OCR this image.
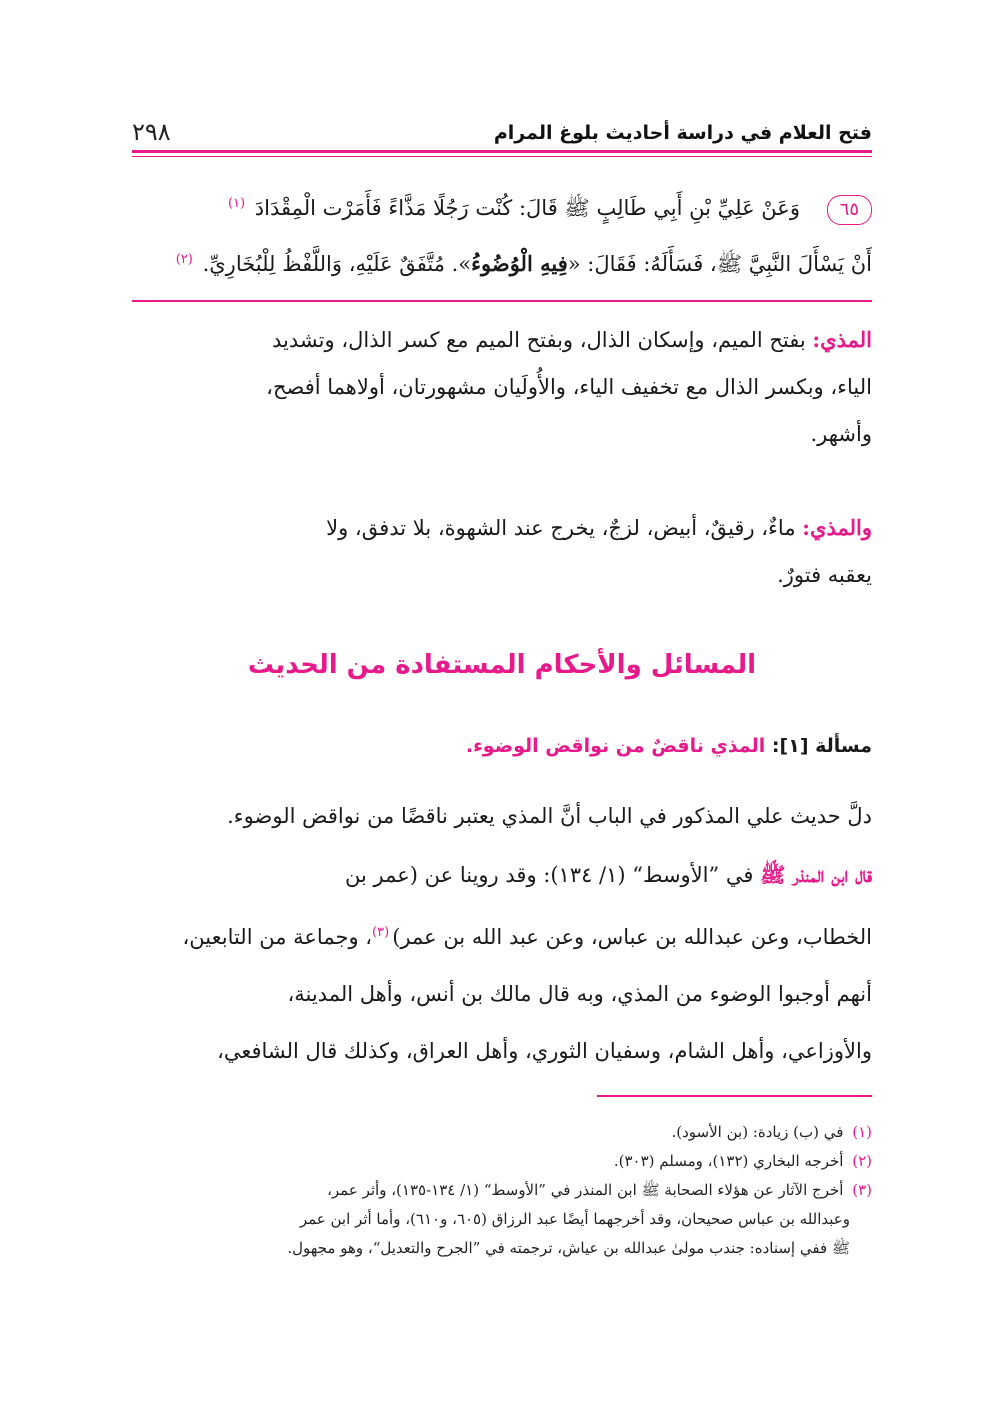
٢٩٨	فتح العلام في دراسة أحاديث بلوغ المرام
٦٥ وَعَنْ عَلِيِّ بْنِ أَبِي طَالِبٍ ﷺ قَالَ: كُنْت رَجُلًا مَذَّاءً فَأَمَرْت الْمِقْدَادَ $^{(١)}$
أَنْ يَسْأَلَ النَّبِيَّ ﷺ، فَسَأَلَهُ: فَقَالَ: «فِيهِ الْوُضُوءُ». مُتَّفَقٌ عَلَيْهِ، وَاللَّفْظُ لِلْبُخَارِيِّ. $^{(٢)}$
المذي: بفتح الميم، وإسكان الذال، وبفتح الميم مع كسر الذال، وتشديد
الياء، وبكسر الذال مع تخفيف الياء، والأُولَيان مشهورتان، أولاهما أفصح،
وأشهر.
والمذي: ماءٌ، رقيقٌ، أبيض، لزجٌ، يخرج عند الشهوة، بلا تدفق، ولا
يعقبه فتورٌ.
المسائل والأحكام المستفادة من الحديث
مسألة [١]: المذي ناقضٌ من نواقض الوضوء.
دلَّ حديث علي المذكور في الباب أنَّ المذي يعتبر ناقضًا من نواقض الوضوء.
قال ابن المنذر ﷺ في ”الأوسط“ (١/ ١٣٤): وقد روينا عن (عمر بن
الخطاب، وعن عبدالله بن عباس، وعن عبد الله بن عمر)$^{(٣)}$، وجماعة من التابعين،
أنهم أوجبوا الوضوء من المذي، وبه قال مالك بن أنس، وأهل المدينة،
والأوزاعي، وأهل الشام، وسفيان الثوري، وأهل العراق، وكذلك قال الشافعي،
(١) في (ب) زيادة: (بن الأسود).
(٢) أخرجه البخاري (١٣٢)، ومسلم (٣٠٣).
(٣) أخرج الآثار عن هؤلاء الصحابة ﷺ ابن المنذر في ”الأوسط“ (١/ ١٣٤-١٣٥)، وأثر عمر،
وعبدالله بن عباس صحيحان، وقد أخرجهما أيضًا عبد الرزاق (٦٠٥، و٦١٠)، وأما أثر ابن عمر
ﷺ ففي إسناده: جندب مولىٰ عبدالله بن عياش، ترجمته في ”الجرح والتعديل“، وهو مجهول.
